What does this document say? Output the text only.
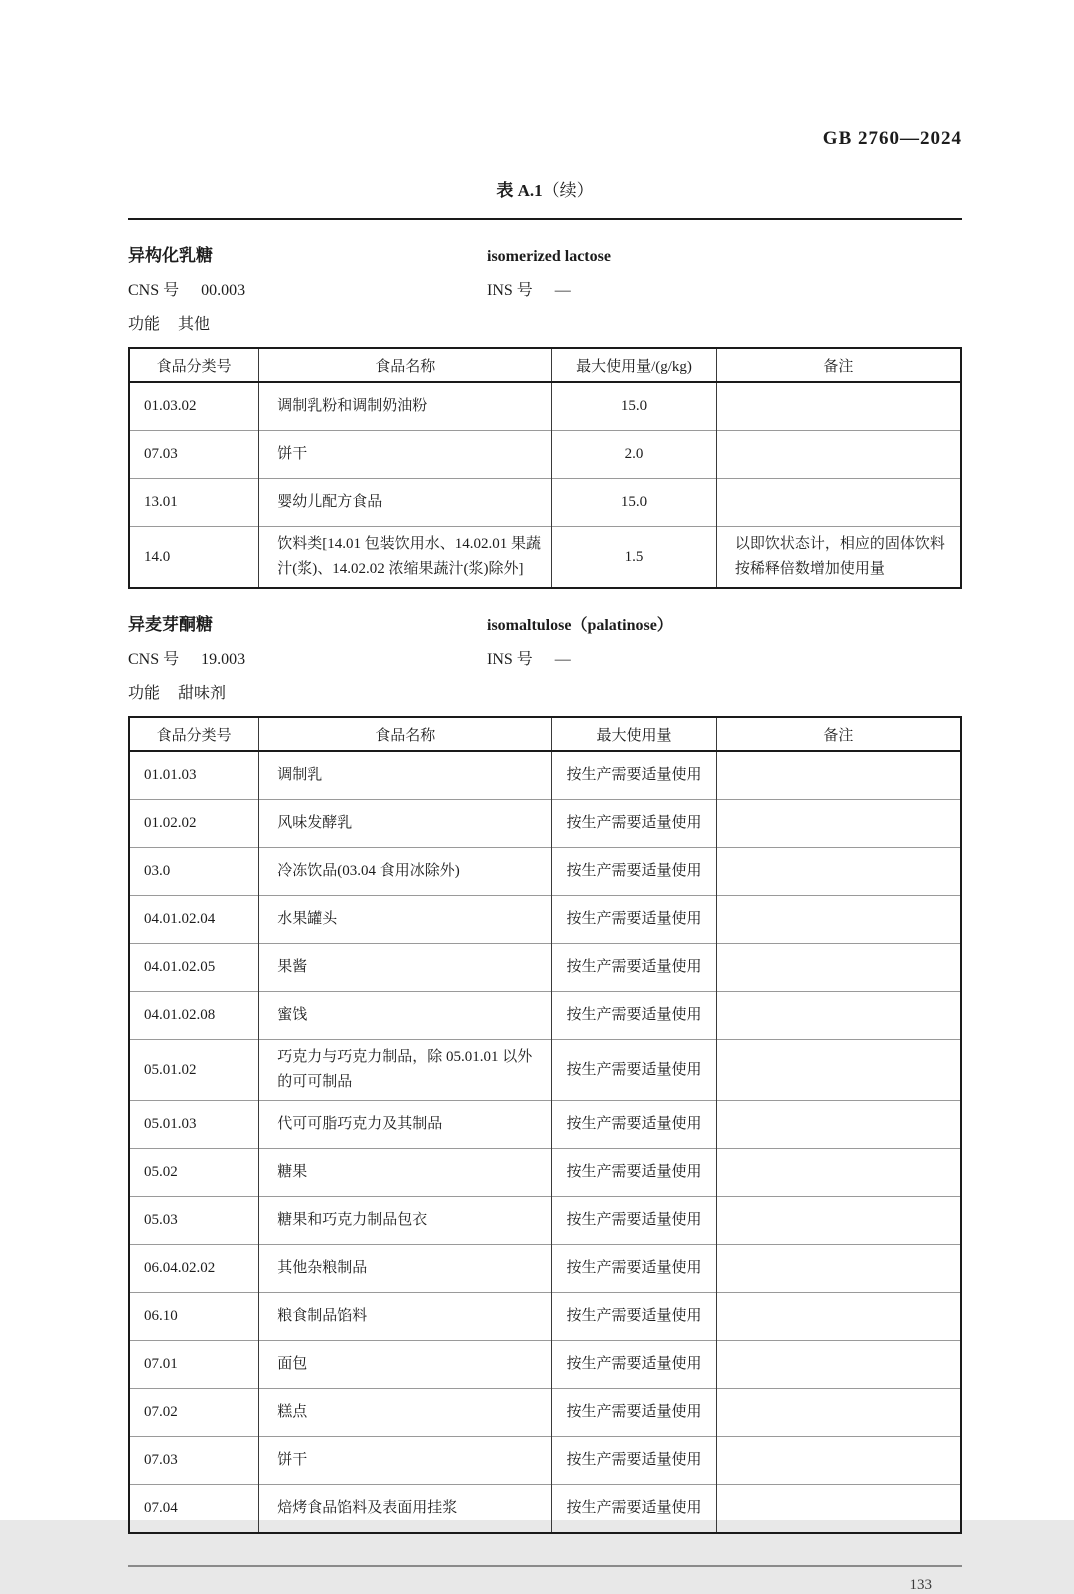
GB 2760—2024
表 A.1（续）
异构化乳糖	isomerized lactose
CNS 号 00.003	INS 号 —
功能 其他
食品分类号	食品名称	最大使用量/(g/kg)	备注
01.03.02	调制乳粉和调制奶油粉	15.0	
07.03	饼干	2.0	
13.01	婴幼儿配方食品	15.0	
14.0	饮料类[14.01 包装饮用水、14.02.01 果蔬汁(浆)、14.02.02 浓缩果蔬汁(浆)除外]	1.5	以即饮状态计，相应的固体饮料按稀释倍数增加使用量
异麦芽酮糖	isomaltulose（palatinose）
CNS 号 19.003	INS 号 —
功能 甜味剂
食品分类号	食品名称	最大使用量	备注
01.01.03	调制乳	按生产需要适量使用	
01.02.02	风味发酵乳	按生产需要适量使用	
03.0	冷冻饮品(03.04 食用冰除外)	按生产需要适量使用	
04.01.02.04	水果罐头	按生产需要适量使用	
04.01.02.05	果酱	按生产需要适量使用	
04.01.02.08	蜜饯	按生产需要适量使用	
05.01.02	巧克力与巧克力制品，除 05.01.01 以外的可可制品	按生产需要适量使用	
05.01.03	代可可脂巧克力及其制品	按生产需要适量使用	
05.02	糖果	按生产需要适量使用	
05.03	糖果和巧克力制品包衣	按生产需要适量使用	
06.04.02.02	其他杂粮制品	按生产需要适量使用	
06.10	粮食制品馅料	按生产需要适量使用	
07.01	面包	按生产需要适量使用	
07.02	糕点	按生产需要适量使用	
07.03	饼干	按生产需要适量使用	
07.04	焙烤食品馅料及表面用挂浆	按生产需要适量使用	
133
